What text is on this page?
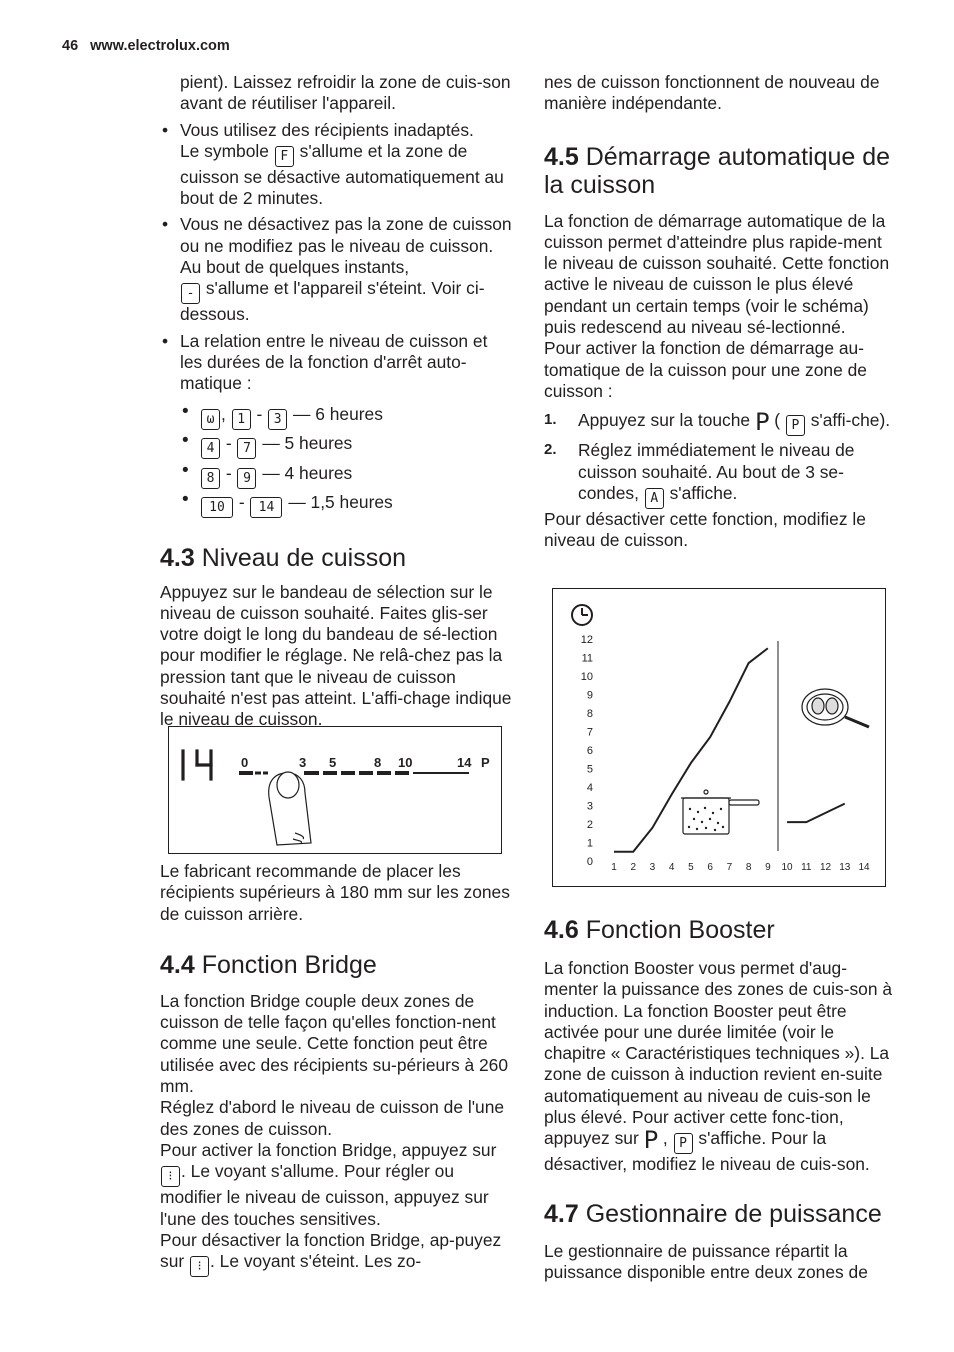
46 www.electrolux.com

pient). Laissez refroidir la zone de cuis-son avant de réutiliser l'appareil.

• Vous utilisez des récipients inadaptés.
Le symbole F s'allume et la zone de cuisson se désactive automatiquement au bout de 2 minutes.
• Vous ne désactivez pas la zone de cuisson ou ne modifiez pas le niveau de cuisson. Au bout de quelques instants,
- s'allume et l'appareil s'éteint. Voir ci-dessous.
• La relation entre le niveau de cuisson et les durées de la fonction d'arrêt auto-matique :
• ω , 1 - 3 — 6 heures
• 4 - 7 — 5 heures
• 8 - 9 — 4 heures
• 10 - 14 — 1,5 heures
4.3 Niveau de cuisson

Appuyez sur le bandeau de sélection sur le niveau de cuisson souhaité. Faites glis-ser votre doigt le long du bandeau de sé-lection pour modifier le réglage. Ne relâ-chez pas la pression tant que le niveau de cuisson souhaité n'est pas atteint. L'affi-chage indique le niveau de cuisson.

0	3 5	8 10	14 P

Le fabricant recommande de placer les récipients supérieurs à 180 mm sur les zones de cuisson arrière.

4.4 Fonction Bridge

La fonction Bridge couple deux zones de cuisson de telle façon qu'elles fonction-nent comme une seule. Cette fonction peut être utilisée avec des récipients su-périeurs à 260 mm.

Réglez d'abord le niveau de cuisson de l'une des zones de cuisson.

Pour activer la fonction Bridge, appuyez sur ⁝ . Le voyant s'allume. Pour régler ou modifier le niveau de cuisson, appuyez sur l'une des touches sensitives.

Pour désactiver la fonction Bridge, ap-puyez sur ⁝ . Le voyant s'éteint. Les zo-

nes de cuisson fonctionnent de nouveau de manière indépendante.

4.5 Démarrage automatique de la cuisson

La fonction de démarrage automatique de la cuisson permet d'atteindre plus rapide-ment le niveau de cuisson souhaité. Cette fonction active le niveau de cuisson le plus élevé pendant un certain temps (voir le schéma) puis redescend au niveau sé-lectionné.

Pour activer la fonction de démarrage au-tomatique de la cuisson pour une zone de cuisson :

1. Appuyez sur la touche P ( P s'affi-che).
2. Réglez immédiatement le niveau de cuisson souhaité. Au bout de 3 se-condes, A s'affiche.

Pour désactiver cette fonction, modifiez le niveau de cuisson.

0
1
2
3
4
5
6
7
8
9
10
11
12
1 2 3 4 5 6 7 8 9 10 11 12 13 14
4.6 Fonction Booster

La fonction Booster vous permet d'aug-menter la puissance des zones de cuis-son à induction. La fonction Booster peut être activée pour une durée limitée (voir le chapitre « Caractéristiques techniques »). La zone de cuisson à induction revient en-suite automatiquement au niveau de cuis-son le plus élevé. Pour activer cette fonc-tion, appuyez sur P , P s'affiche. Pour la désactiver, modifiez le niveau de cuis-son.

4.7 Gestionnaire de puissance

Le gestionnaire de puissance répartit la puissance disponible entre deux zones de
